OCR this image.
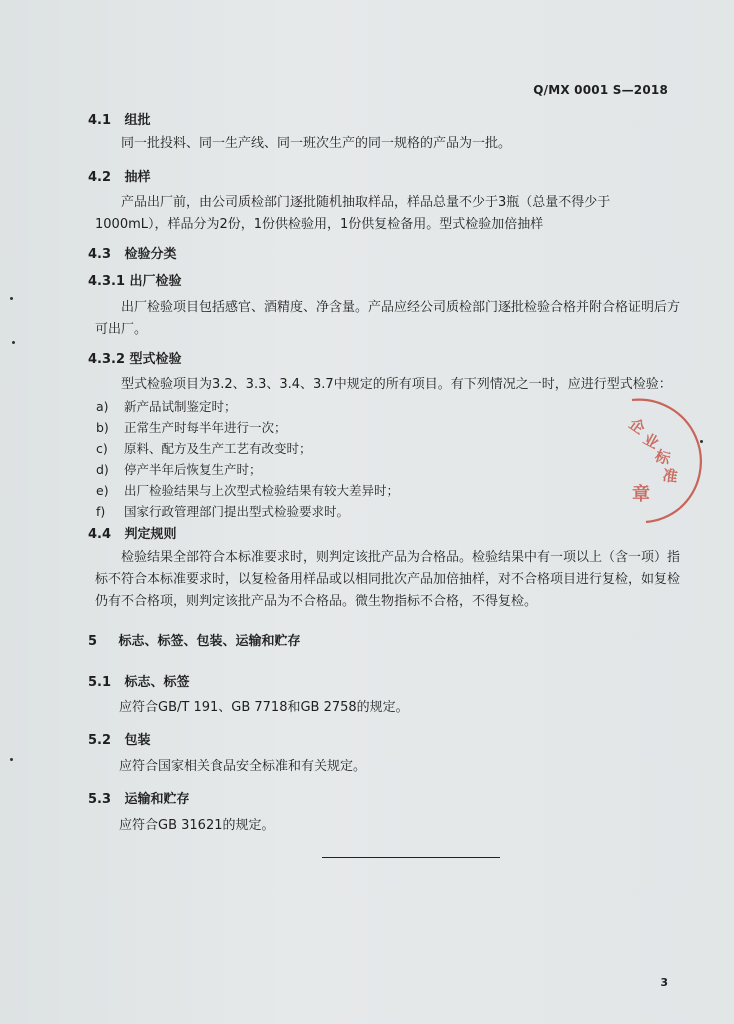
Q/MX 0001 S—2018
4.1 组批
同一批投料、同一生产线、同一班次生产的同一规格的产品为一批。
4.2 抽样
产品出厂前，由公司质检部门逐批随机抽取样品，样品总量不少于3瓶（总量不得少于1000mL），样品分为2份，1份供检验用，1份供复检备用。型式检验加倍抽样
4.3 检验分类
4.3.1 出厂检验
出厂检验项目包括感官、酒精度、净含量。产品应经公司质检部门逐批检验合格并附合格证明后方可出厂。
4.3.2 型式检验
型式检验项目为3.2、3.3、3.4、3.7中规定的所有项目。有下列情况之一时，应进行型式检验：
a)	新产品试制鉴定时；
b)	正常生产时每半年进行一次；
c)	原料、配方及生产工艺有改变时；
d)	停产半年后恢复生产时；
e)	出厂检验结果与上次型式检验结果有较大差异时；
f)	国家行政管理部门提出型式检验要求时。
4.4 判定规则
检验结果全部符合本标准要求时，则判定该批产品为合格品。检验结果中有一项以上（含一项）指标不符合本标准要求时，以复检备用样品或以相同批次产品加倍抽样，对不合格项目进行复检，如复检仍有不合格项，则判定该批产品为不合格品。微生物指标不合格，不得复检。
5 标志、标签、包装、运输和贮存
5.1 标志、标签
应符合GB/T 191、GB 7718和GB 2758的规定。
5.2 包装
应符合国家相关食品安全标准和有关规定。
5.3 运输和贮存
应符合GB 31621的规定。
企
业
标
准
章
3
